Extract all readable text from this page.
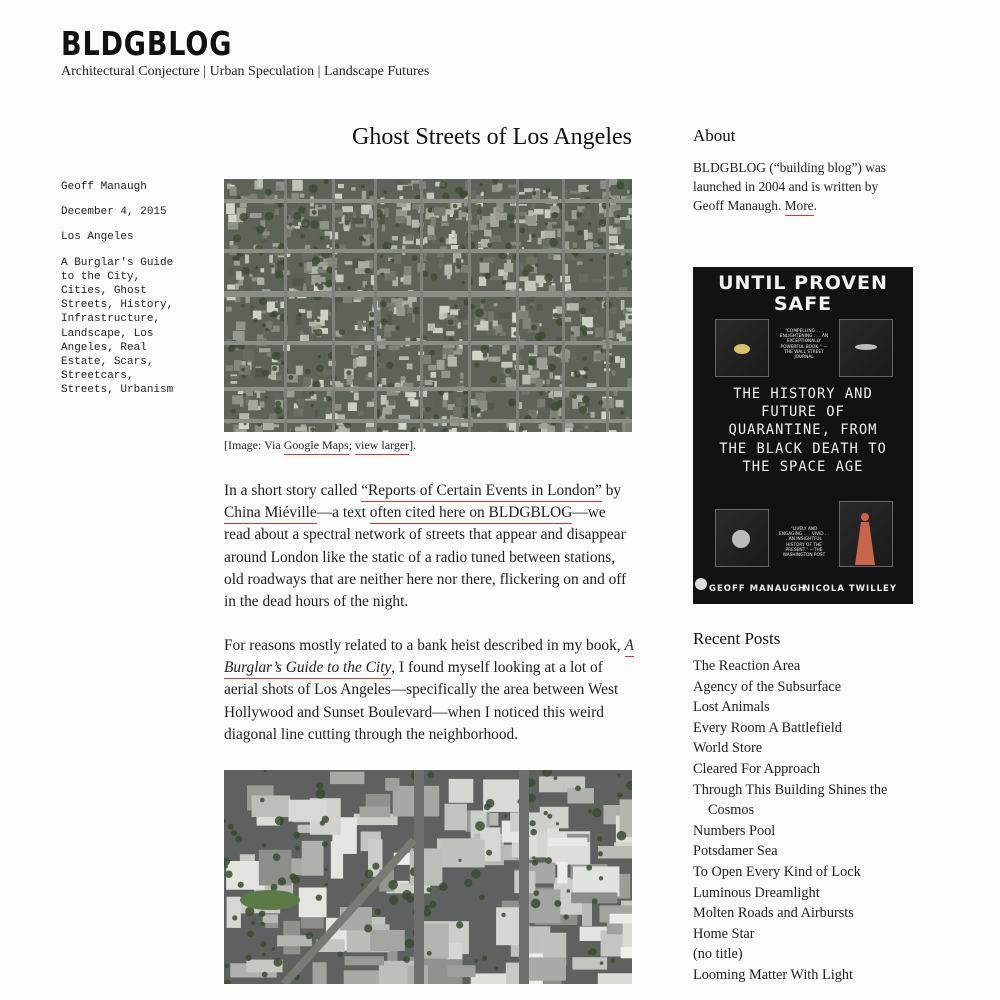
BLDGBLOG
Architectural Conjecture | Urban Speculation | Landscape Futures
Ghost Streets of Los Angeles
Geoff Manaugh
December 4, 2015
Los Angeles
A Burglar's Guide to the City, Cities, Ghost Streets, History, Infrastructure, Landscape, Los Angeles, Real Estate, Scars, Streetcars, Streets, Urbanism
[Image: Via Google Maps; view larger].

In a short story called “Reports of Certain Events in London” by China Miéville—a text often cited here on BLDGBLOG—we read about a spectral network of streets that appear and disappear around London like the static of a radio tuned between stations, old roadways that are neither here nor there, flickering on and off in the dead hours of the night.

For reasons mostly related to a bank heist described in my book, A Burglar’s Guide to the City, I found myself looking at a lot of aerial shots of Los Angeles—specifically the area between West Hollywood and Sunset Boulevard—when I noticed this weird diagonal line cutting through the neighborhood.

About
BLDGBLOG (“building blog”) was launched in 2004 and is written by Geoff Manaugh. More.
UNTIL PROVEN SAFE
“COMPELLING . . . ENLIGHTENING . . . AN EXCEPTIONALLY POWERFUL BOOK.” —THE WALL STREET JOURNAL
THE HISTORY AND FUTURE OF QUARANTINE, FROM THE BLACK DEATH TO THE SPACE AGE
“LIVELY AND ENGAGING . . . VIVID . . . AN INSIGHTFUL HISTORY OF THE PRESENT.” —THE WASHINGTON POST
GEOFF MANAUGH
NICOLA TWILLEY
Recent Posts
The Reaction Area
Agency of the Subsurface
Lost Animals
Every Room A Battlefield
World Store
Cleared For Approach
Through This Building Shines the Cosmos
Numbers Pool
Potsdamer Sea
To Open Every Kind of Lock
Luminous Dreamlight
Molten Roads and Airbursts
Home Star
(no title)
Looming Matter With Light
